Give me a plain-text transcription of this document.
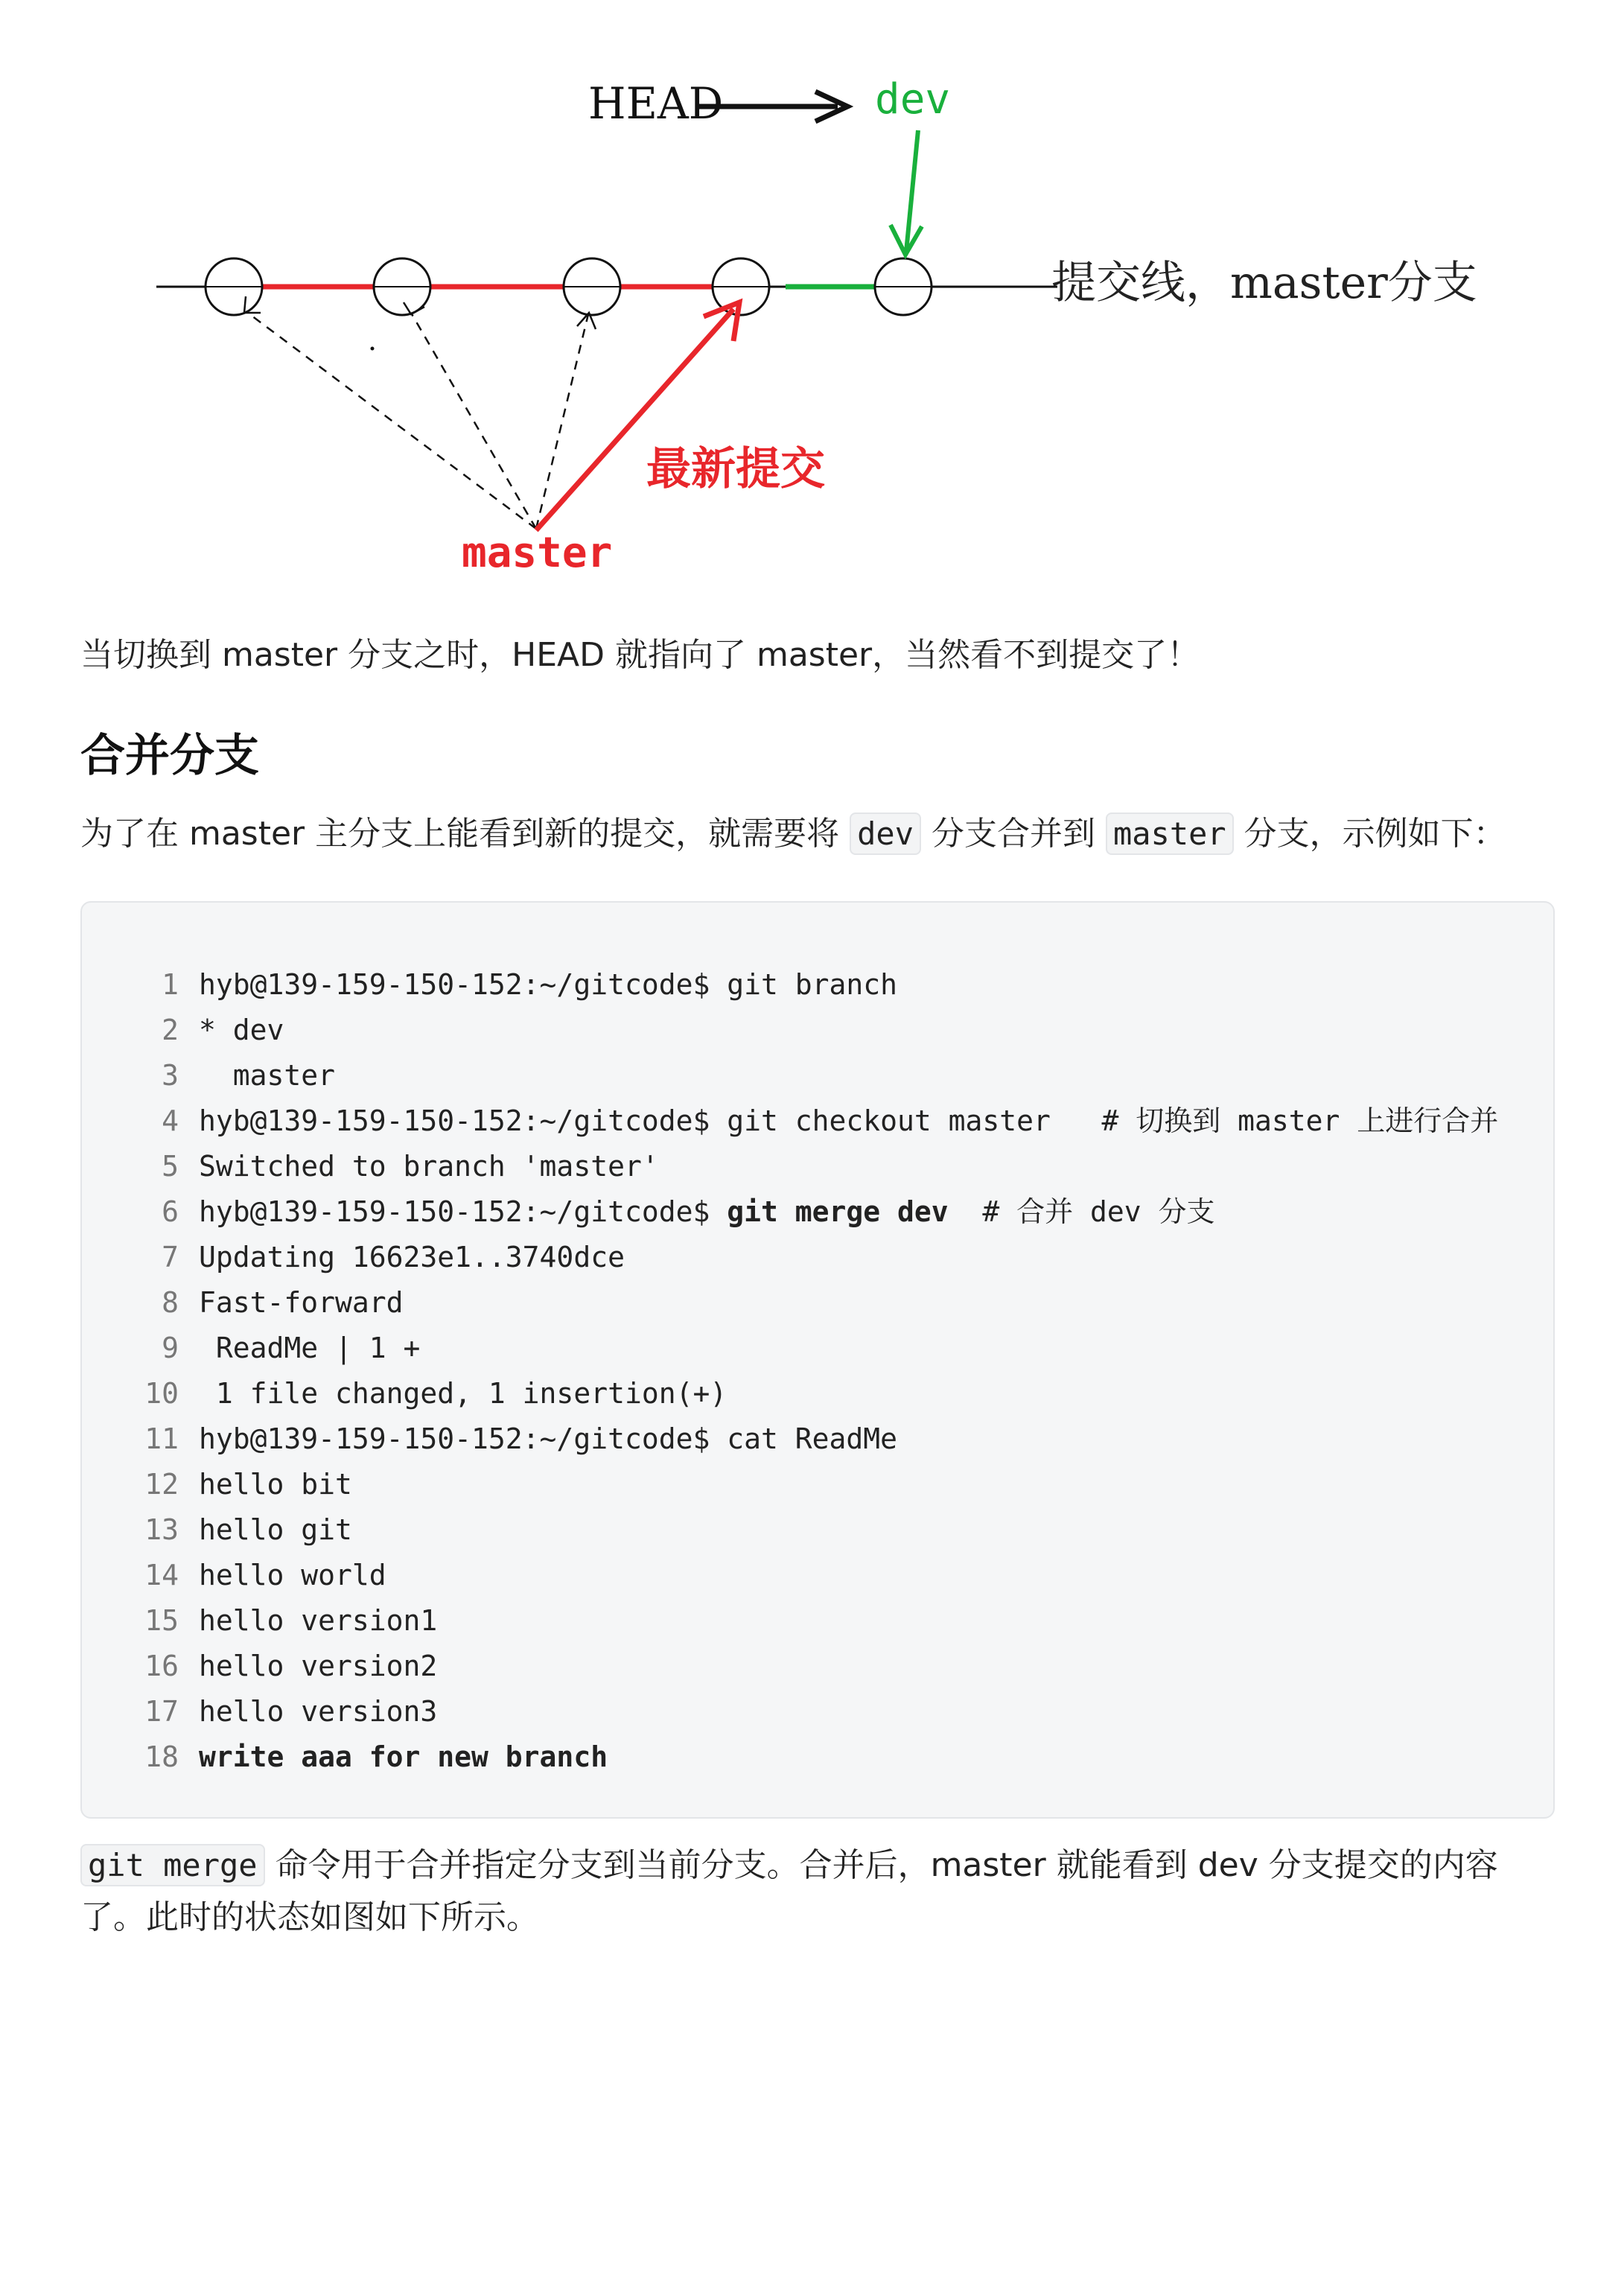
HEAD	dev
提交线，master分支
最新提交
master
当切换到 master 分支之时，HEAD 就指向了 master，当然看不到提交了！
合并分支
为了在 master 主分支上能看到新的提交，就需要将 dev 分支合并到 master 分支，示例如下：
1 hyb@139-159-150-152:~/gitcode$ git branch
2 * dev
3 master
4 hyb@139-159-150-152:~/gitcode$ git checkout master   # 切换到 master 上进行合并
5 Switched to branch 'master'
6 hyb@139-159-150-152:~/gitcode$ git merge dev  # 合并 dev 分支
7 Updating 16623e1..3740dce
8 Fast-forward
9 ReadMe | 1 +
10 1 file changed, 1 insertion(+)
11 hyb@139-159-150-152:~/gitcode$ cat ReadMe
12 hello bit
13 hello git
14 hello world
15 hello version1
16 hello version2
17 hello version3
18 write aaa for new branch
git merge 命令用于合并指定分支到当前分支。合并后，master 就能看到 dev 分支提交的内容了。此时的状态如图如下所示。
